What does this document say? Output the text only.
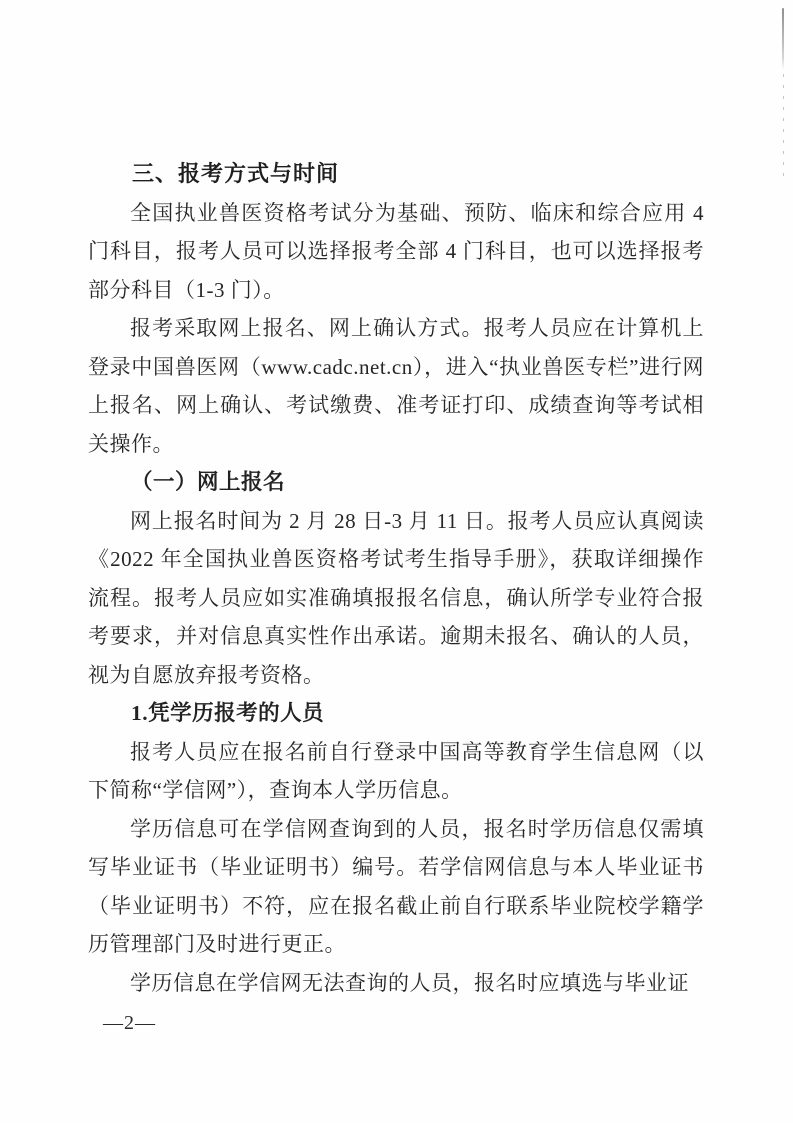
三、报考方式与时间

全国执业兽医资格考试分为基础、预防、临床和综合应用 4 门科目，报考人员可以选择报考全部 4 门科目，也可以选择报考部分科目（1-3 门）。

报考采取网上报名、网上确认方式。报考人员应在计算机上登录中国兽医网（www.cadc.net.cn），进入“执业兽医专栏”进行网上报名、网上确认、考试缴费、准考证打印、成绩查询等考试相关操作。

（一）网上报名

网上报名时间为 2 月 28 日-3 月 11 日。报考人员应认真阅读《2022 年全国执业兽医资格考试考生指导手册》，获取详细操作流程。报考人员应如实准确填报报名信息，确认所学专业符合报考要求，并对信息真实性作出承诺。逾期未报名、确认的人员，视为自愿放弃报考资格。

1.凭学历报考的人员

报考人员应在报名前自行登录中国高等教育学生信息网（以下简称“学信网”），查询本人学历信息。

学历信息可在学信网查询到的人员，报名时学历信息仅需填写毕业证书（毕业证明书）编号。若学信网信息与本人毕业证书（毕业证明书）不符，应在报名截止前自行联系毕业院校学籍学历管理部门及时进行更正。

学历信息在学信网无法查询的人员，报名时应填选与毕业证

—2—
